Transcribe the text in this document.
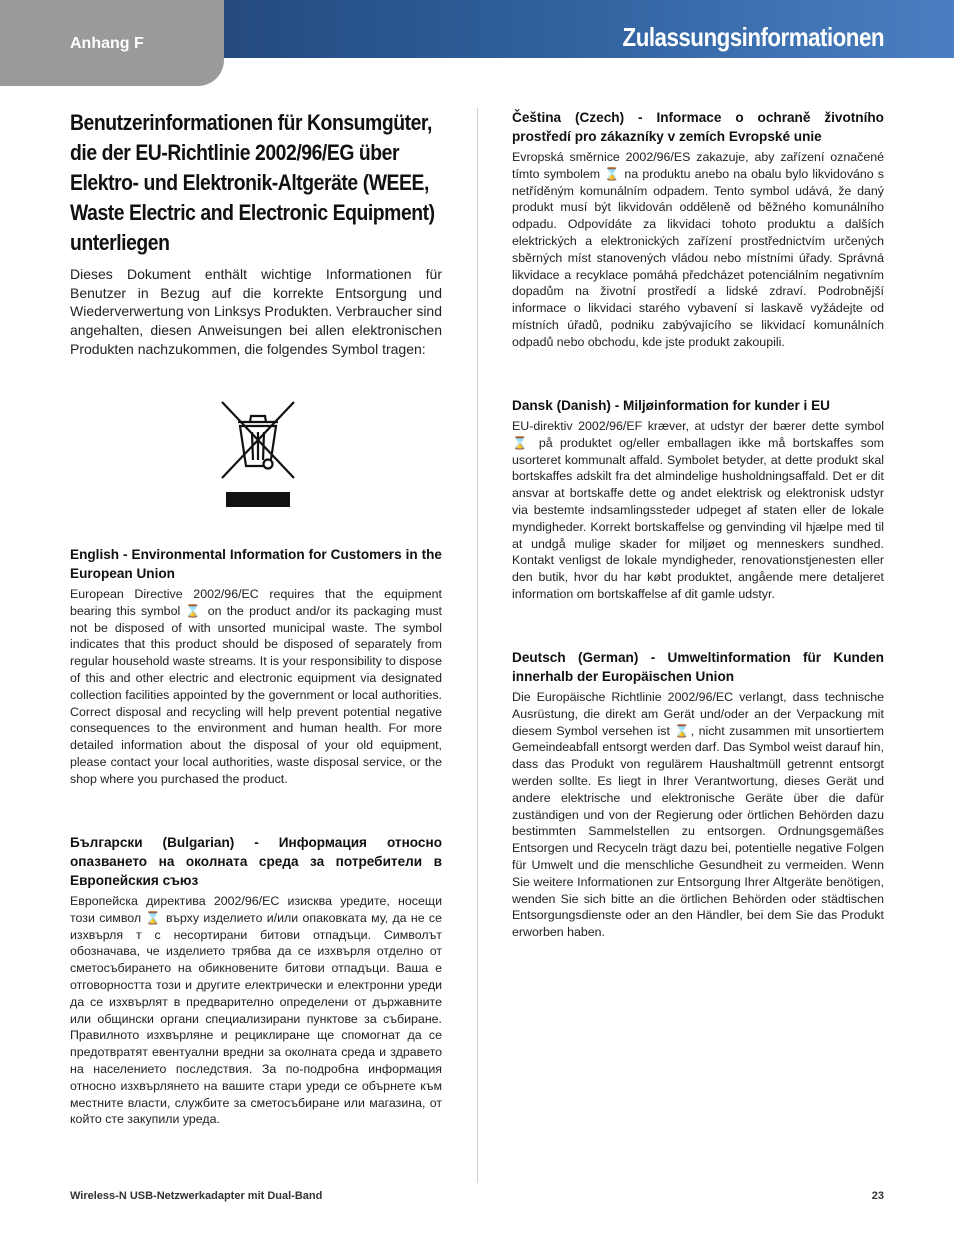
Anhang F	Zulassungsinformationen
Benutzerinformationen für Konsumgüter, die der EU-Richtlinie 2002/96/EG über Elektro- und Elektronik-Altgeräte (WEEE, Waste Electric and Electronic Equipment) unterliegen
Dieses Dokument enthält wichtige Informationen für Benutzer in Bezug auf die korrekte Entsorgung und Wiederverwertung von Linksys Produkten. Verbraucher sind angehalten, diesen Anweisungen bei allen elektronischen Produkten nachzukommen, die folgendes Symbol tragen:
English - Environmental Information for Customers in the European Union
European Directive 2002/96/EC requires that the equipment bearing this symbol ⌛ on the product and/or its packaging must not be disposed of with unsorted municipal waste. The symbol indicates that this product should be disposed of separately from regular household waste streams. It is your responsibility to dispose of this and other electric and electronic equipment via designated collection facilities appointed by the government or local authorities. Correct disposal and recycling will help prevent potential negative consequences to the environment and human health. For more detailed information about the disposal of your old equipment, please contact your local authorities, waste disposal service, or the shop where you purchased the product.
Български (Bulgarian) - Информация относно опазването на околната среда за потребители в Европейския съюз
Европейска директива 2002/96/EC изисква уредите, носещи този символ ⌛ върху изделието и/или опаковката му, да не се изхвърля т с несортирани битови отпадъци. Символът обозначава, че изделието трябва да се изхвърля отделно от сметосъбирането на обикновените битови отпадъци. Ваша е отговорността този и другите електрически и електронни уреди да се изхвърлят в предварително определени от държавните или общински органи специализирани пунктове за събиране. Правилното изхвърляне и рециклиране ще спомогнат да се предотвратят евентуални вредни за околната среда и здравето на населението последствия. За по-подробна информация относно изхвърлянето на вашите стари уреди се обърнете към местните власти, службите за сметосъбиране или магазина, от който сте закупили уреда.
Čeština (Czech) - Informace o ochraně životního prostředí pro zákazníky v zemích Evropské unie
Evropská směrnice 2002/96/ES zakazuje, aby zařízení označené tímto symbolem ⌛ na produktu anebo na obalu bylo likvidováno s netříděným komunálním odpadem. Tento symbol udává, že daný produkt musí být likvidován odděleně od běžného komunálního odpadu. Odpovídáte za likvidaci tohoto produktu a dalších elektrických a elektronických zařízení prostřednictvím určených sběrných míst stanovených vládou nebo místními úřady. Správná likvidace a recyklace pomáhá předcházet potenciálním negativním dopadům na životní prostředí a lidské zdraví. Podrobnější informace o likvidaci starého vybavení si laskavě vyžádejte od místních úřadů, podniku zabývajícího se likvidací komunálních odpadů nebo obchodu, kde jste produkt zakoupili.
Dansk (Danish) - Miljøinformation for kunder i EU
EU-direktiv 2002/96/EF kræver, at udstyr der bærer dette symbol ⌛ på produktet og/eller emballagen ikke må bortskaffes som usorteret kommunalt affald. Symbolet betyder, at dette produkt skal bortskaffes adskilt fra det almindelige husholdningsaffald. Det er dit ansvar at bortskaffe dette og andet elektrisk og elektronisk udstyr via bestemte indsamlingssteder udpeget af staten eller de lokale myndigheder. Korrekt bortskaffelse og genvinding vil hjælpe med til at undgå mulige skader for miljøet og menneskers sundhed. Kontakt venligst de lokale myndigheder, renovationstjenesten eller den butik, hvor du har købt produktet, angående mere detaljeret information om bortskaffelse af dit gamle udstyr.
Deutsch (German) - Umweltinformation für Kunden innerhalb der Europäischen Union
Die Europäische Richtlinie 2002/96/EC verlangt, dass technische Ausrüstung, die direkt am Gerät und/oder an der Verpackung mit diesem Symbol versehen ist ⌛, nicht zusammen mit unsortiertem Gemeindeabfall entsorgt werden darf. Das Symbol weist darauf hin, dass das Produkt von regulärem Haushaltmüll getrennt entsorgt werden sollte. Es liegt in Ihrer Verantwortung, dieses Gerät und andere elektrische und elektronische Geräte über die dafür zuständigen und von der Regierung oder örtlichen Behörden dazu bestimmten Sammelstellen zu entsorgen. Ordnungsgemäßes Entsorgen und Recyceln trägt dazu bei, potentielle negative Folgen für Umwelt und die menschliche Gesundheit zu vermeiden. Wenn Sie weitere Informationen zur Entsorgung Ihrer Altgeräte benötigen, wenden Sie sich bitte an die örtlichen Behörden oder städtischen Entsorgungsdienste oder an den Händler, bei dem Sie das Produkt erworben haben.
Wireless-N USB-Netzwerkadapter mit Dual-Band	23
